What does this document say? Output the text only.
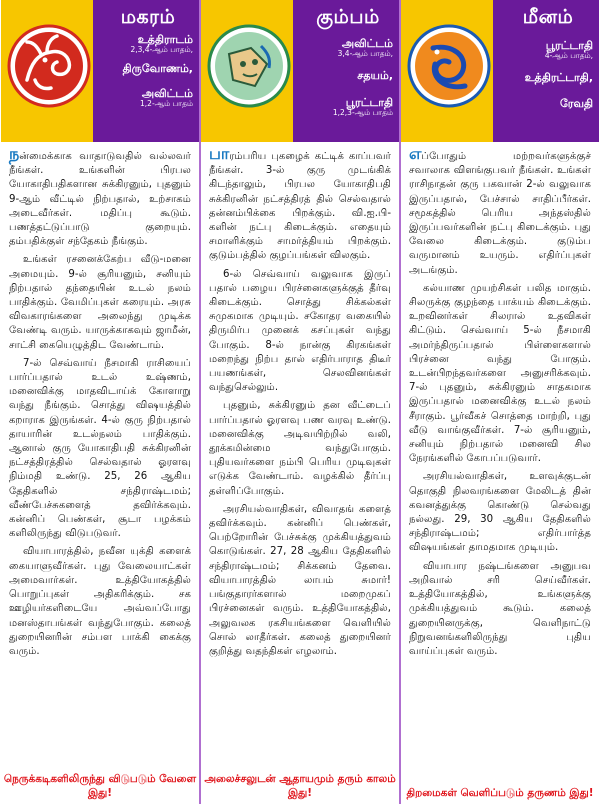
மகரம்
உத்திராடம்
2,3,4-ஆம் பாதம்,
திருவோணம்,
அவிட்டம்
1,2-ஆம் பாதம்

நன்மைக்காக வாதாடுவதில் வல்லவர் நீங்கள். உங்களின் பிரபல யோகாதிபதிகளான சுக்கிரனும், புதனும் 9-ஆம் வீட்டில் நிற்பதால், உற்சாகம் அடைவீர்கள். மதிப்பு கூடும். பணத்தட்டுப்பாடு குறையும். தம்பதிக்குள் சந்தேகம் நீங்கும்.

உங்கள் ரசனைக்கேற்ப வீடு-மனை அமையும். 9-ல் சூரியனும், சனியும் நிற்பதால் தந்தையின் உடல் நலம் பாதிக்கும். வேமிப்புகள் கரையும். அரசு விவகாரங்களை அலைந்து முடிக்க வேண்டி வரும். யாருக்காகவும் ஜாமீன், சாட்சி கையெழுத்திட வேண்டாம்.

7-ல் செவ்வாய் நீசமாகி ராசியைப் பார்ப்பதால் உடல் உஷ்ணம், மனைவிக்கு மாதவிடாய்க் கோளாறு வந்து நீங்கும். சொத்து விஷயத்தில் கறாராக இருங்கள். 4-ல் குரு நிற்பதால் தாயாரின் உடல்நலம் பாதிக்கும். ஆனால் குரு யோகாதிபதி சுக்கிரனின் நட்சத்திரத்தில் செல்வதால் ஓரளவு நிம்மதி உண்டு. 25, 26 ஆகிய தேதிகளில் சந்திராஷ்டமம்; வீண்பேச்சுகளைத் தவிர்க்கவும். கன்னிப் பெண்கள், சூடா பழக்கம் களிலிருந்து விடுபடுவர்.

வியாபாரத்தில், நவீன யுக்தி களைக் கையாளுவீர்கள். புது வேலையாட்கள் அமைவார்கள். உத்தியோகத்தில் பொறுப்புகள் அதிகரிக்கும். சக ஊழியர்களிடையே அவ்வப்போது மனஸ்தாபங்கள் வந்துபோகும். கலைத் துறையினரின் சம்பள பாக்கி கைக்கு வரும்.

நெருக்கடிகளிலிருந்து விடுபடும் வேளை இது!
கும்பம்
அவிட்டம்
3,4-ஆம் பாதம்,
சதயம்,
பூரட்டாதி
1,2,3-ஆம் பாதம்

பாரம்பரிய புகழைக் கட்டிக் காப்பவர் நீங்கள். 3-ல் குரு முடங்கிக் கிடந்தாலும், பிரபல யோகாதிபதி சுக்கிரனின் நட்சத்திரத் தில் செல்வதால் தன்னம்பிக்கை பிறக்கும். வி.ஐ.பி-களின் நட்பு கிடைக்கும். எதையும் சமாளிக்கும் சாமர்த்தியம் பிறக்கும். குடும்பத்தில் குழப்பங்கள் விலகும்.

6-ல் செவ்வாய் வலுவாக இருப் பதால் பழைய பிரச்னைகளுக்குத் தீர்வு கிடைக்கும். சொத்து சிக்கல்கள் சுமுகமாக முடியும். சகோதர வகையில் திருமிர்ப முனைக் கசப்புகள் வந்து போகும். 8-ல் நான்கு கிரகங்கள் மறைந்து நிற்ப தால் எதிர்பாராத திடீர் பயணங்கள், செலவினங்கள் வந்துசெல்லும்.

புதனும், சுக்கிரனும் தன வீட்டைப் பார்ப்பதால் ஓரளவு பண வரவு உண்டு. மனைவிக்கு அடிவயிற்றில் வலி, தூக்கமின்மை வந்துபோகும். புதியவர்களை நம்பி பெரிய முடிவுகள் எடுக்க வேண்டாம். வழக்கில் தீர்ப்பு தள்ளிப்போகும்.

அரசியல்வாதிகள், விவாதங் களைத் தவிர்க்கவும். கன்னிப் பெண்கள், பெற்றோரின் பேச்சுக்கு முக்கியத்துவம் கொடுங்கள். 27, 28 ஆகிய தேதிகளில் சந்திராஷ்டமம்; சிக்கனம் தேவை. வியாபாரத்தில் லாபம் சுமார்! பங்குதாரர்களால் மறைமுகப் பிரச்னைகள் வரும். உத்தியோகத்தில், அலுவலக ரகசியங்களை வெளியில் சொல் லாதீர்கள். கலைத் துறையினர் குறித்து வதந்திகள் எழலாம்.

அலைச்சலுடன் ஆதாயமும் தரும் காலம் இது!
மீனம்
பூரட்டாதி
4-ஆம் பாதம்,
உத்திரட்டாதி,
ரேவதி

எப்போதும் மற்றவர்களுக்குச் சவாலாக விளங்குபவர் நீங்கள். உங்கள் ராசிநாதன் குரு பகவான் 2-ல் வலுவாக இருப்பதால், பேச்சால் சாதிப்பீர்கள். சமூகத்தில் பெரிய அந்தஸ்தில் இருப்பவர்களின் நட்பு கிடைக்கும். புது வேலை கிடைக்கும். குடும்ப வருமானம் உயரும். எதிர்ப்புகள் அடங்கும்.

கல்யாண முயற்சிகள் பலித மாகும். சிலருக்கு குழந்தை பாக்யம் கிடைக்கும். உறவினர்கள் சிலரால் உதவிகள் கிட்டும். செவ்வாய் 5-ல் நீசமாகி அமர்ந்திருப்பதால் பிள்ளைகளால் பிரச்னை வந்து போகும். உடன்பிறந்தவர்களை அனுசரிக்கவும். 7-ல் புதனும், சுக்கிரனும் சாதகமாக இருப்பதால் மனைவிக்கு உடல் நலம் சீராகும். பூர்வீகச் சொத்தை மாற்றி, புது வீடு வாங்குவீர்கள். 7-ல் சூரியனும், சனியும் நிற்பதால் மனைவி சில நேரங்களில் கோபப்படுவார்.

அரசியல்வாதிகள், உளவுக்குடன் தொகுதி நிலவரங்களை மேலிடத் தின் கவனத்துக்கு கொண்டு செல்வது நல்லது. 29, 30 ஆகிய தேதிகளில் சந்திராஷ்டமம்; எதிர்பார்த்த விஷயங்கள் தாமதமாக முடியும்.

வியாபார நஷ்டங்களை அனுபவ அறிவால் சரி செய்வீர்கள். உத்தியோகத்தில், உங்களுக்கு முக்கியத்துவம் கூடும். கலைத் துறையினருக்கு, வெளிநாட்டு நிறுவனங்களிலிருந்து புதிய வாய்ப்புகள் வரும்.

திறமைகள் வெளிப்படும் தருணம் இது!
